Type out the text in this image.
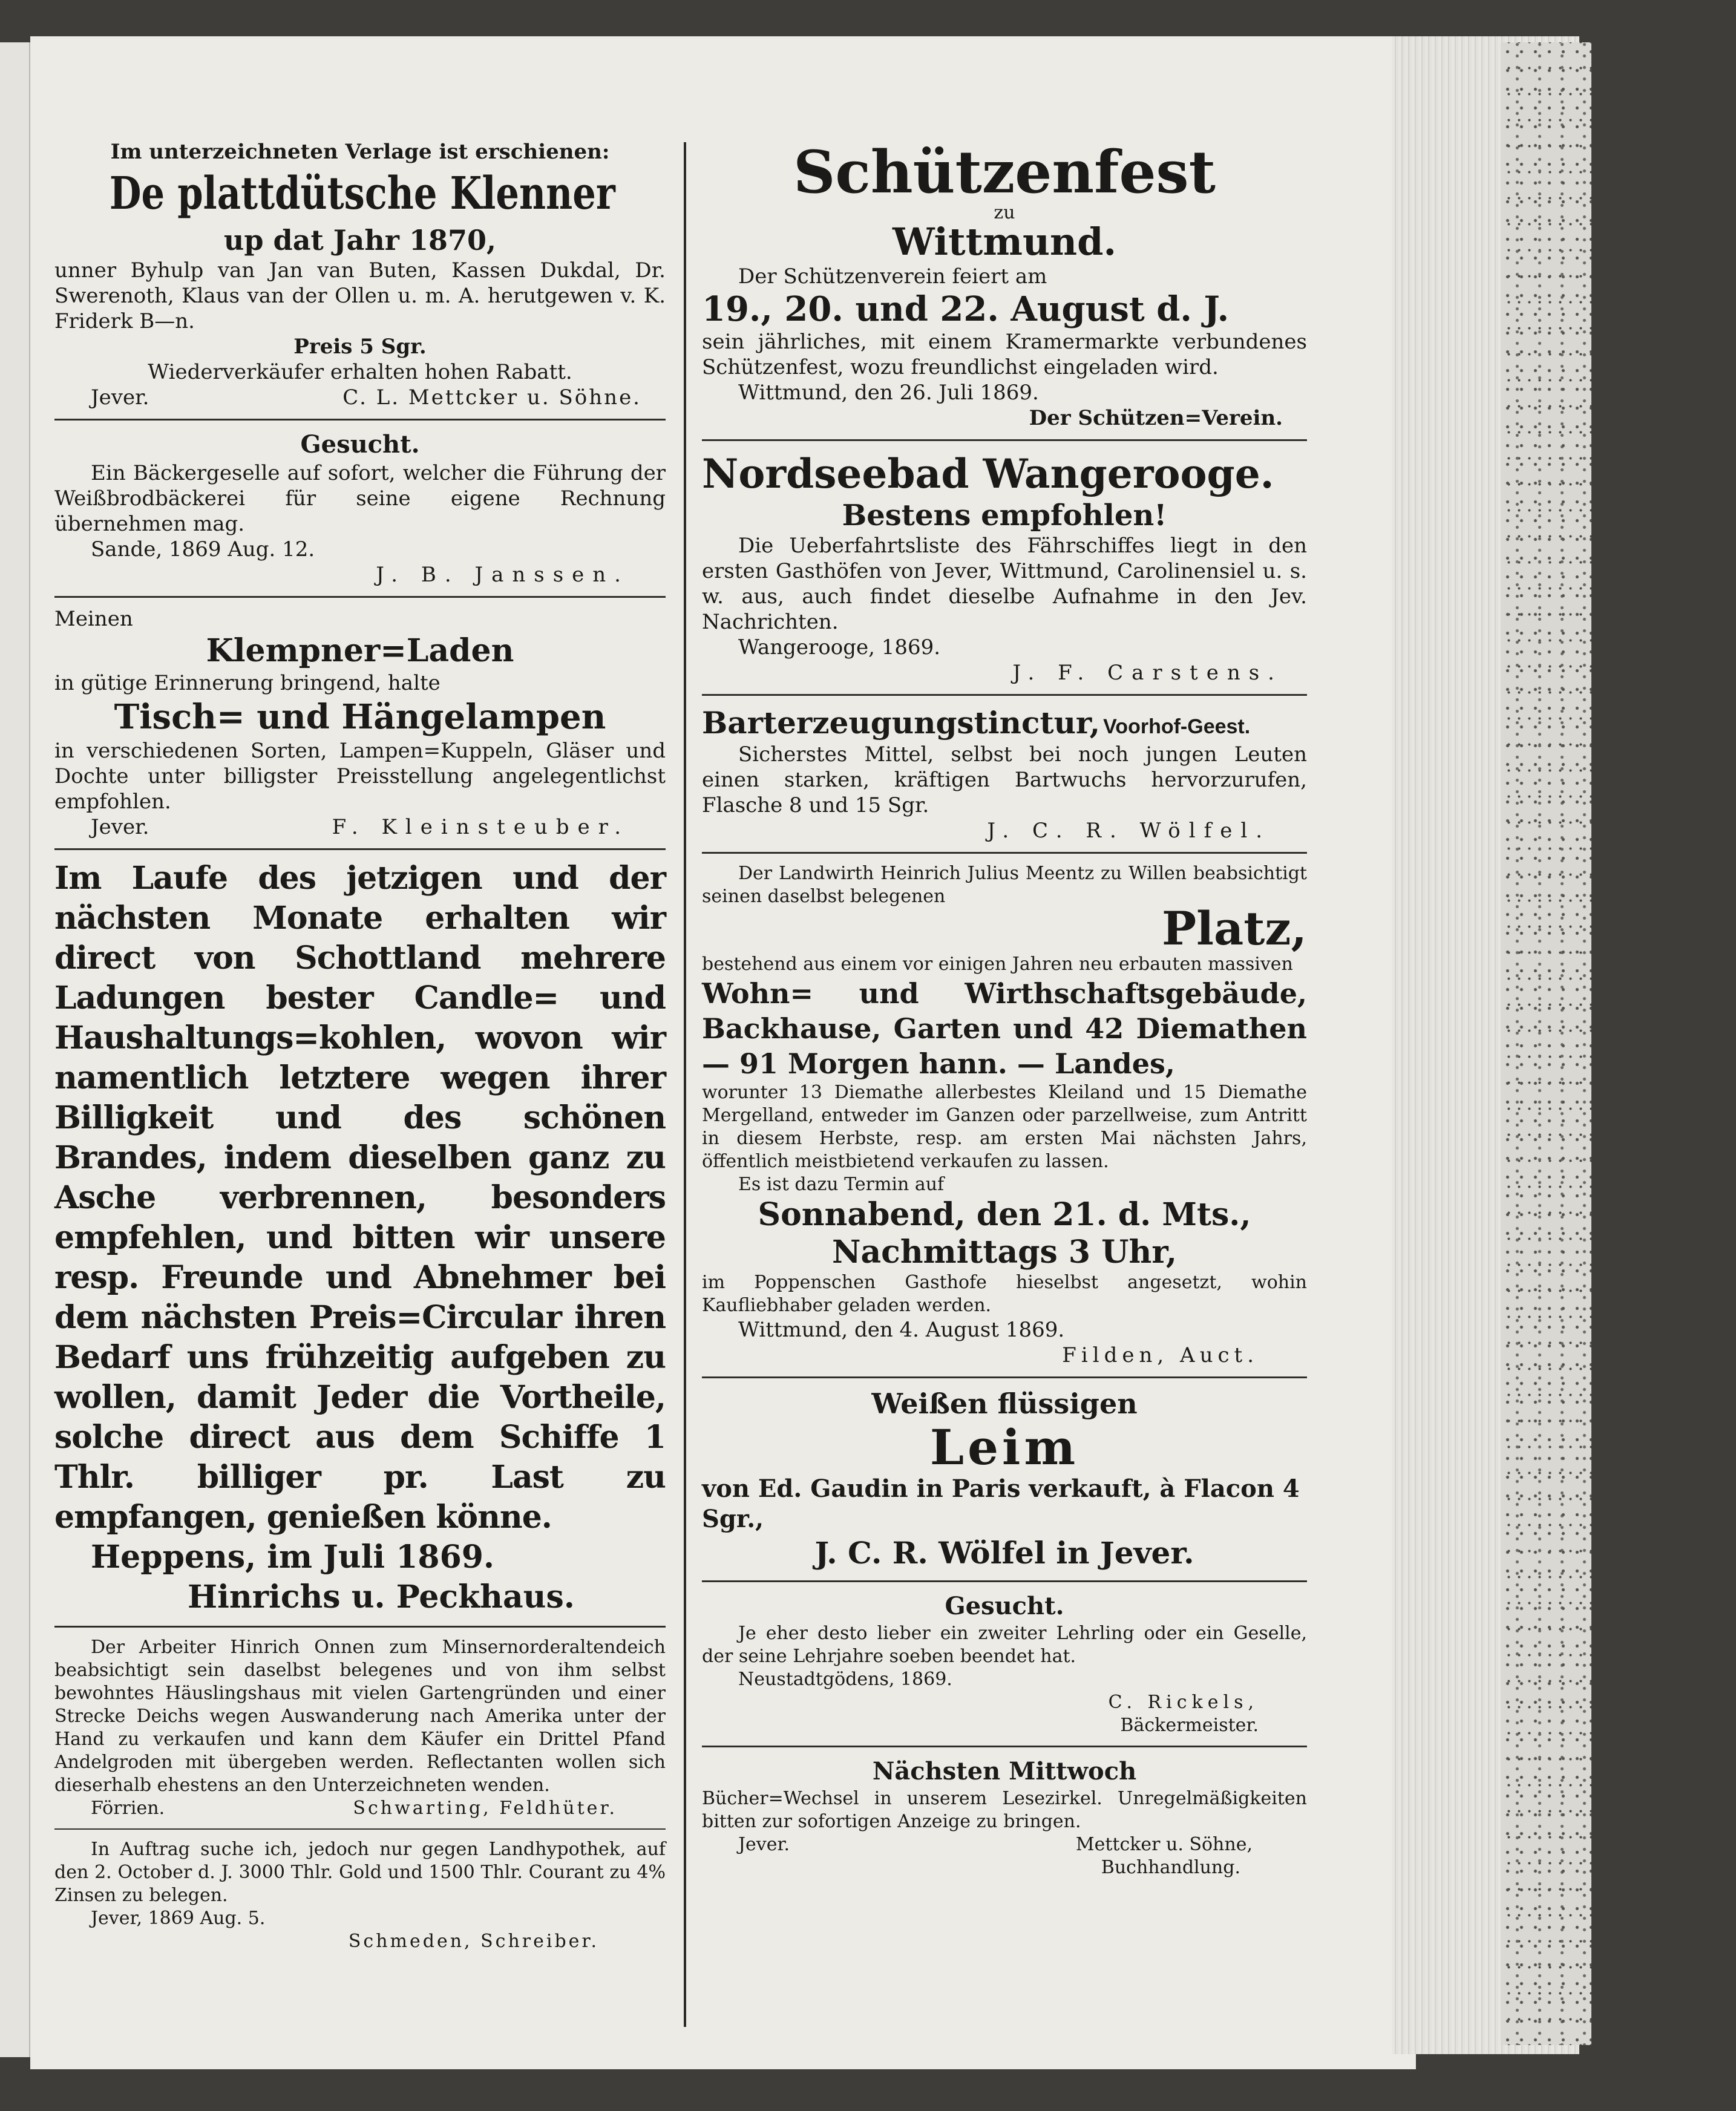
Im unterzeichneten Verlage ist erschienen:

De plattdütsche Klenner

up dat Jahr 1870,

unner Byhulp van Jan van Buten, Kassen Dukdal, Dr. Swerenoth, Klaus van der Ollen u. m. A. herutgewen v. K. Friderk B—n.

Preis 5 Sgr.

Wiederverkäufer erhalten hohen Rabatt.

Jever.	C. L. Mettcker u. Söhne.

Gesucht.

Ein Bäckergeselle auf sofort, welcher die Führung der Weißbrodbäckerei für seine eigene Rechnung übernehmen mag.

Sande, 1869 Aug. 12.

J. B. Janssen.

Meinen

Klempner=Laden

in gütige Erinnerung bringend, halte

Tisch= und Hängelampen

in verschiedenen Sorten, Lampen=Kuppeln, Gläser und Dochte unter billigster Preisstellung angelegentlichst empfohlen.

Jever.	F. Kleinsteuber.

Im Laufe des jetzigen und der nächsten Monate erhalten wir direct von Schottland mehrere Ladungen bester Candle= und Haushaltungs=kohlen, wovon wir namentlich letztere wegen ihrer Billigkeit und des schönen Brandes, indem dieselben ganz zu Asche verbrennen, besonders empfehlen, und bitten wir unsere resp. Freunde und Abnehmer bei dem nächsten Preis=Circular ihren Bedarf uns frühzeitig aufgeben zu wollen, damit Jeder die Vortheile, solche direct aus dem Schiffe 1 Thlr. billiger pr. Last zu empfangen, genießen könne.

Heppens, im Juli 1869.

Hinrichs u. Peckhaus.

Der Arbeiter Hinrich Onnen zum Minsernorderaltendeich beabsichtigt sein daselbst belegenes und von ihm selbst bewohntes Häuslingshaus mit vielen Gartengründen und einer Strecke Deichs wegen Auswanderung nach Amerika unter der Hand zu verkaufen und kann dem Käufer ein Drittel Pfand Andelgroden mit übergeben werden. Reflectanten wollen sich dieserhalb ehestens an den Unterzeichneten wenden.

Förrien.	Schwarting, Feldhüter.

In Auftrag suche ich, jedoch nur gegen Landhypothek, auf den 2. October d. J. 3000 Thlr. Gold und 1500 Thlr. Courant zu 4% Zinsen zu belegen.

Jever, 1869 Aug. 5.

Schmeden, Schreiber.

Schützenfest

zu

Wittmund.

Der Schützenverein feiert am

19., 20. und 22. August d. J.

sein jährliches, mit einem Kramermarkte verbundenes Schützenfest, wozu freundlichst eingeladen wird.

Wittmund, den 26. Juli 1869.

Der Schützen=Verein.

Nordseebad Wangerooge.

Bestens empfohlen!

Die Ueberfahrtsliste des Fährschiffes liegt in den ersten Gasthöfen von Jever, Wittmund, Carolinensiel u. s. w. aus, auch findet dieselbe Aufnahme in den Jev. Nachrichten.

Wangerooge, 1869.

J. F. Carstens.

Barterzeugungstinctur, Voorhof-Geest.

Sicherstes Mittel, selbst bei noch jungen Leuten einen starken, kräftigen Bartwuchs hervorzurufen, Flasche 8 und 15 Sgr.

J. C. R. Wölfel.

Der Landwirth Heinrich Julius Meentz zu Willen beabsichtigt seinen daselbst belegenen

Platz,

bestehend aus einem vor einigen Jahren neu erbauten massiven

Wohn= und Wirthschaftsgebäude, Backhause, Garten und 42 Diemathen — 91 Morgen hann. — Landes,

worunter 13 Diemathe allerbestes Kleiland und 15 Diemathe Mergelland, entweder im Ganzen oder parzellweise, zum Antritt in diesem Herbste, resp. am ersten Mai nächsten Jahrs, öffentlich meistbietend verkaufen zu lassen.

Es ist dazu Termin auf

Sonnabend, den 21. d. Mts.,

Nachmittags 3 Uhr,

im Poppenschen Gasthofe hieselbst angesetzt, wohin Kaufliebhaber geladen werden.

Wittmund, den 4. August 1869.

Filden, Auct.

Weißen flüssigen

Leim

von Ed. Gaudin in Paris verkauft, à Flacon 4 Sgr.,

J. C. R. Wölfel in Jever.

Gesucht.

Je eher desto lieber ein zweiter Lehrling oder ein Geselle, der seine Lehrjahre soeben beendet hat.

Neustadtgödens, 1869.

C. Rickels,

Bäckermeister.

Nächsten Mittwoch

Bücher=Wechsel in unserem Lesezirkel. Unregelmäßigkeiten bitten zur sofortigen Anzeige zu bringen.

Jever.	Mettcker u. Söhne,

Buchhandlung.
